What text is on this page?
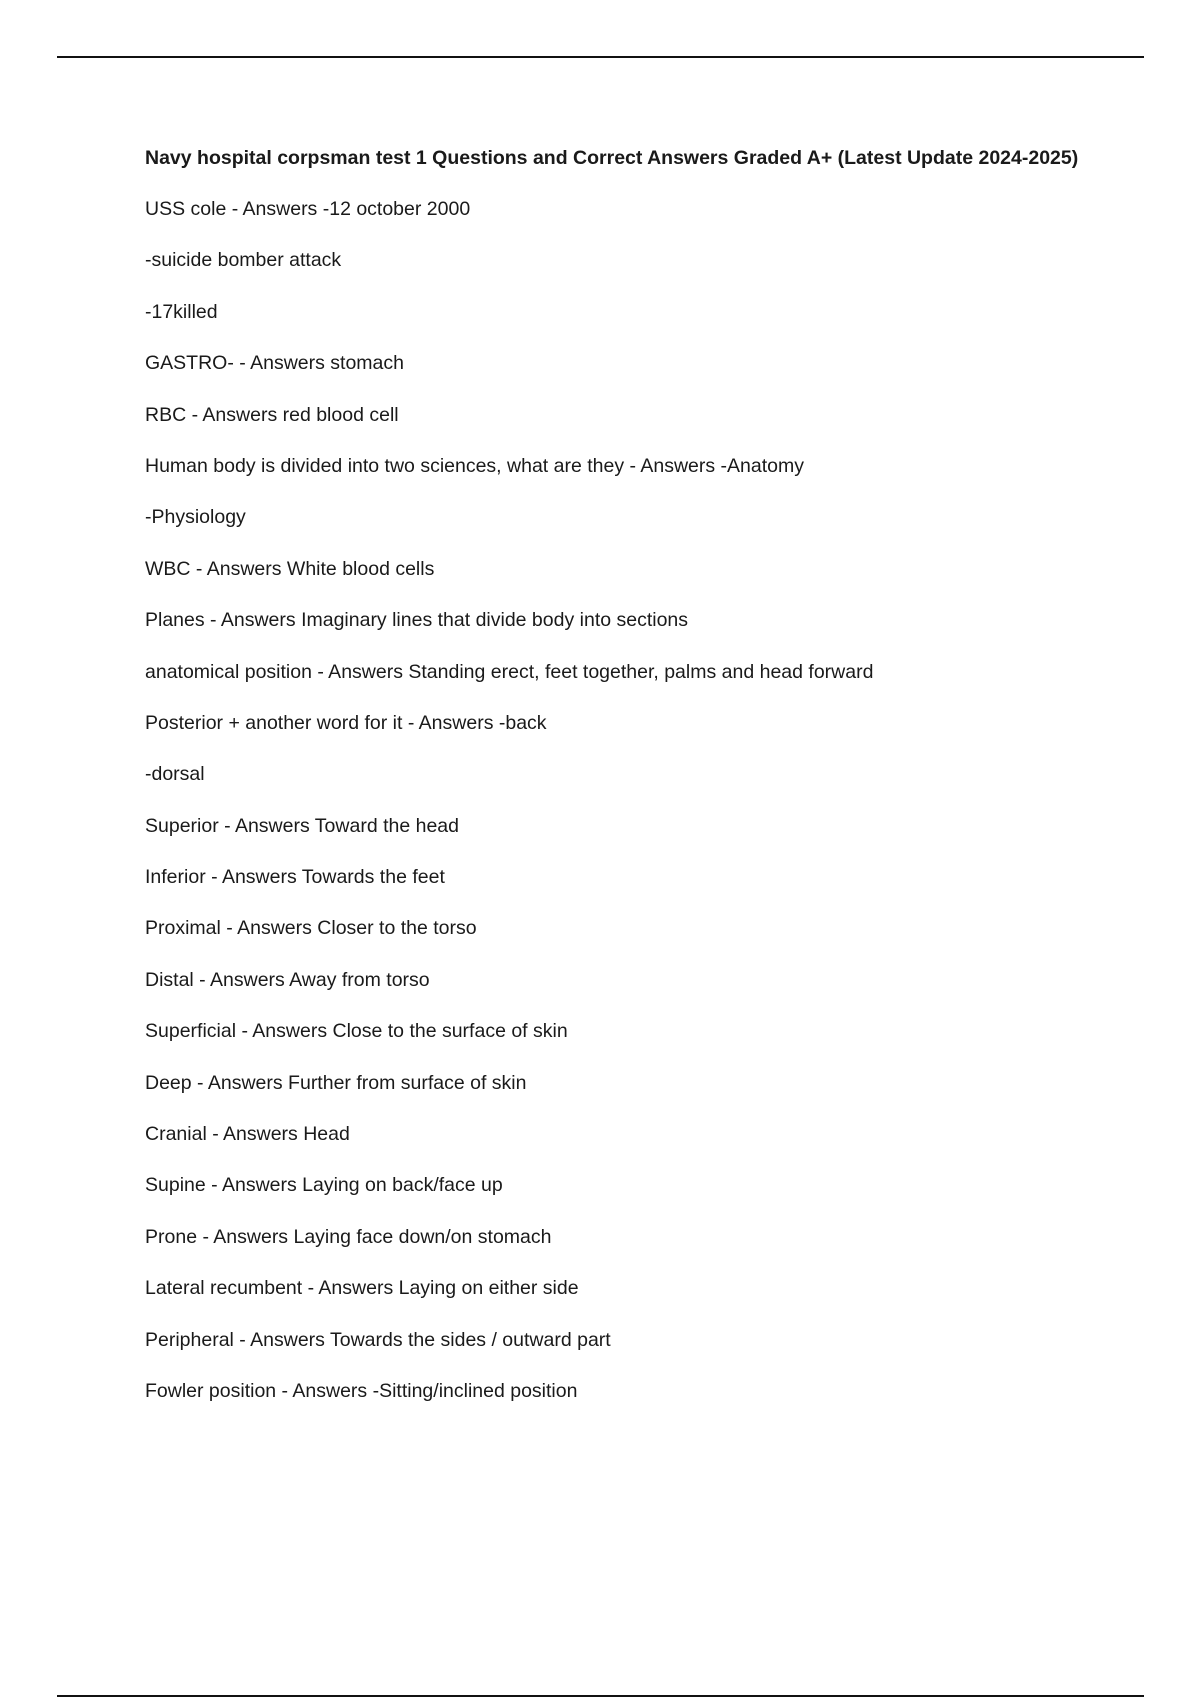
Navy hospital corpsman test 1 Questions and Correct Answers Graded A+ (Latest Update 2024-2025)
USS cole - Answers -12 october 2000
-suicide bomber attack
-17killed
GASTRO- - Answers stomach
RBC - Answers red blood cell
Human body is divided into two sciences, what are they - Answers -Anatomy
-Physiology
WBC - Answers White blood cells
Planes - Answers Imaginary lines that divide body into sections
anatomical position - Answers Standing erect, feet together, palms and head forward
Posterior + another word for it - Answers -back
-dorsal
Superior - Answers Toward the head
Inferior - Answers Towards the feet
Proximal - Answers Closer to the torso
Distal - Answers Away from torso
Superficial - Answers Close to the surface of skin
Deep - Answers Further from surface of skin
Cranial - Answers Head
Supine - Answers Laying on back/face up
Prone - Answers Laying face down/on stomach
Lateral recumbent - Answers Laying on either side
Peripheral - Answers Towards the sides / outward part
Fowler position - Answers -Sitting/inclined position
